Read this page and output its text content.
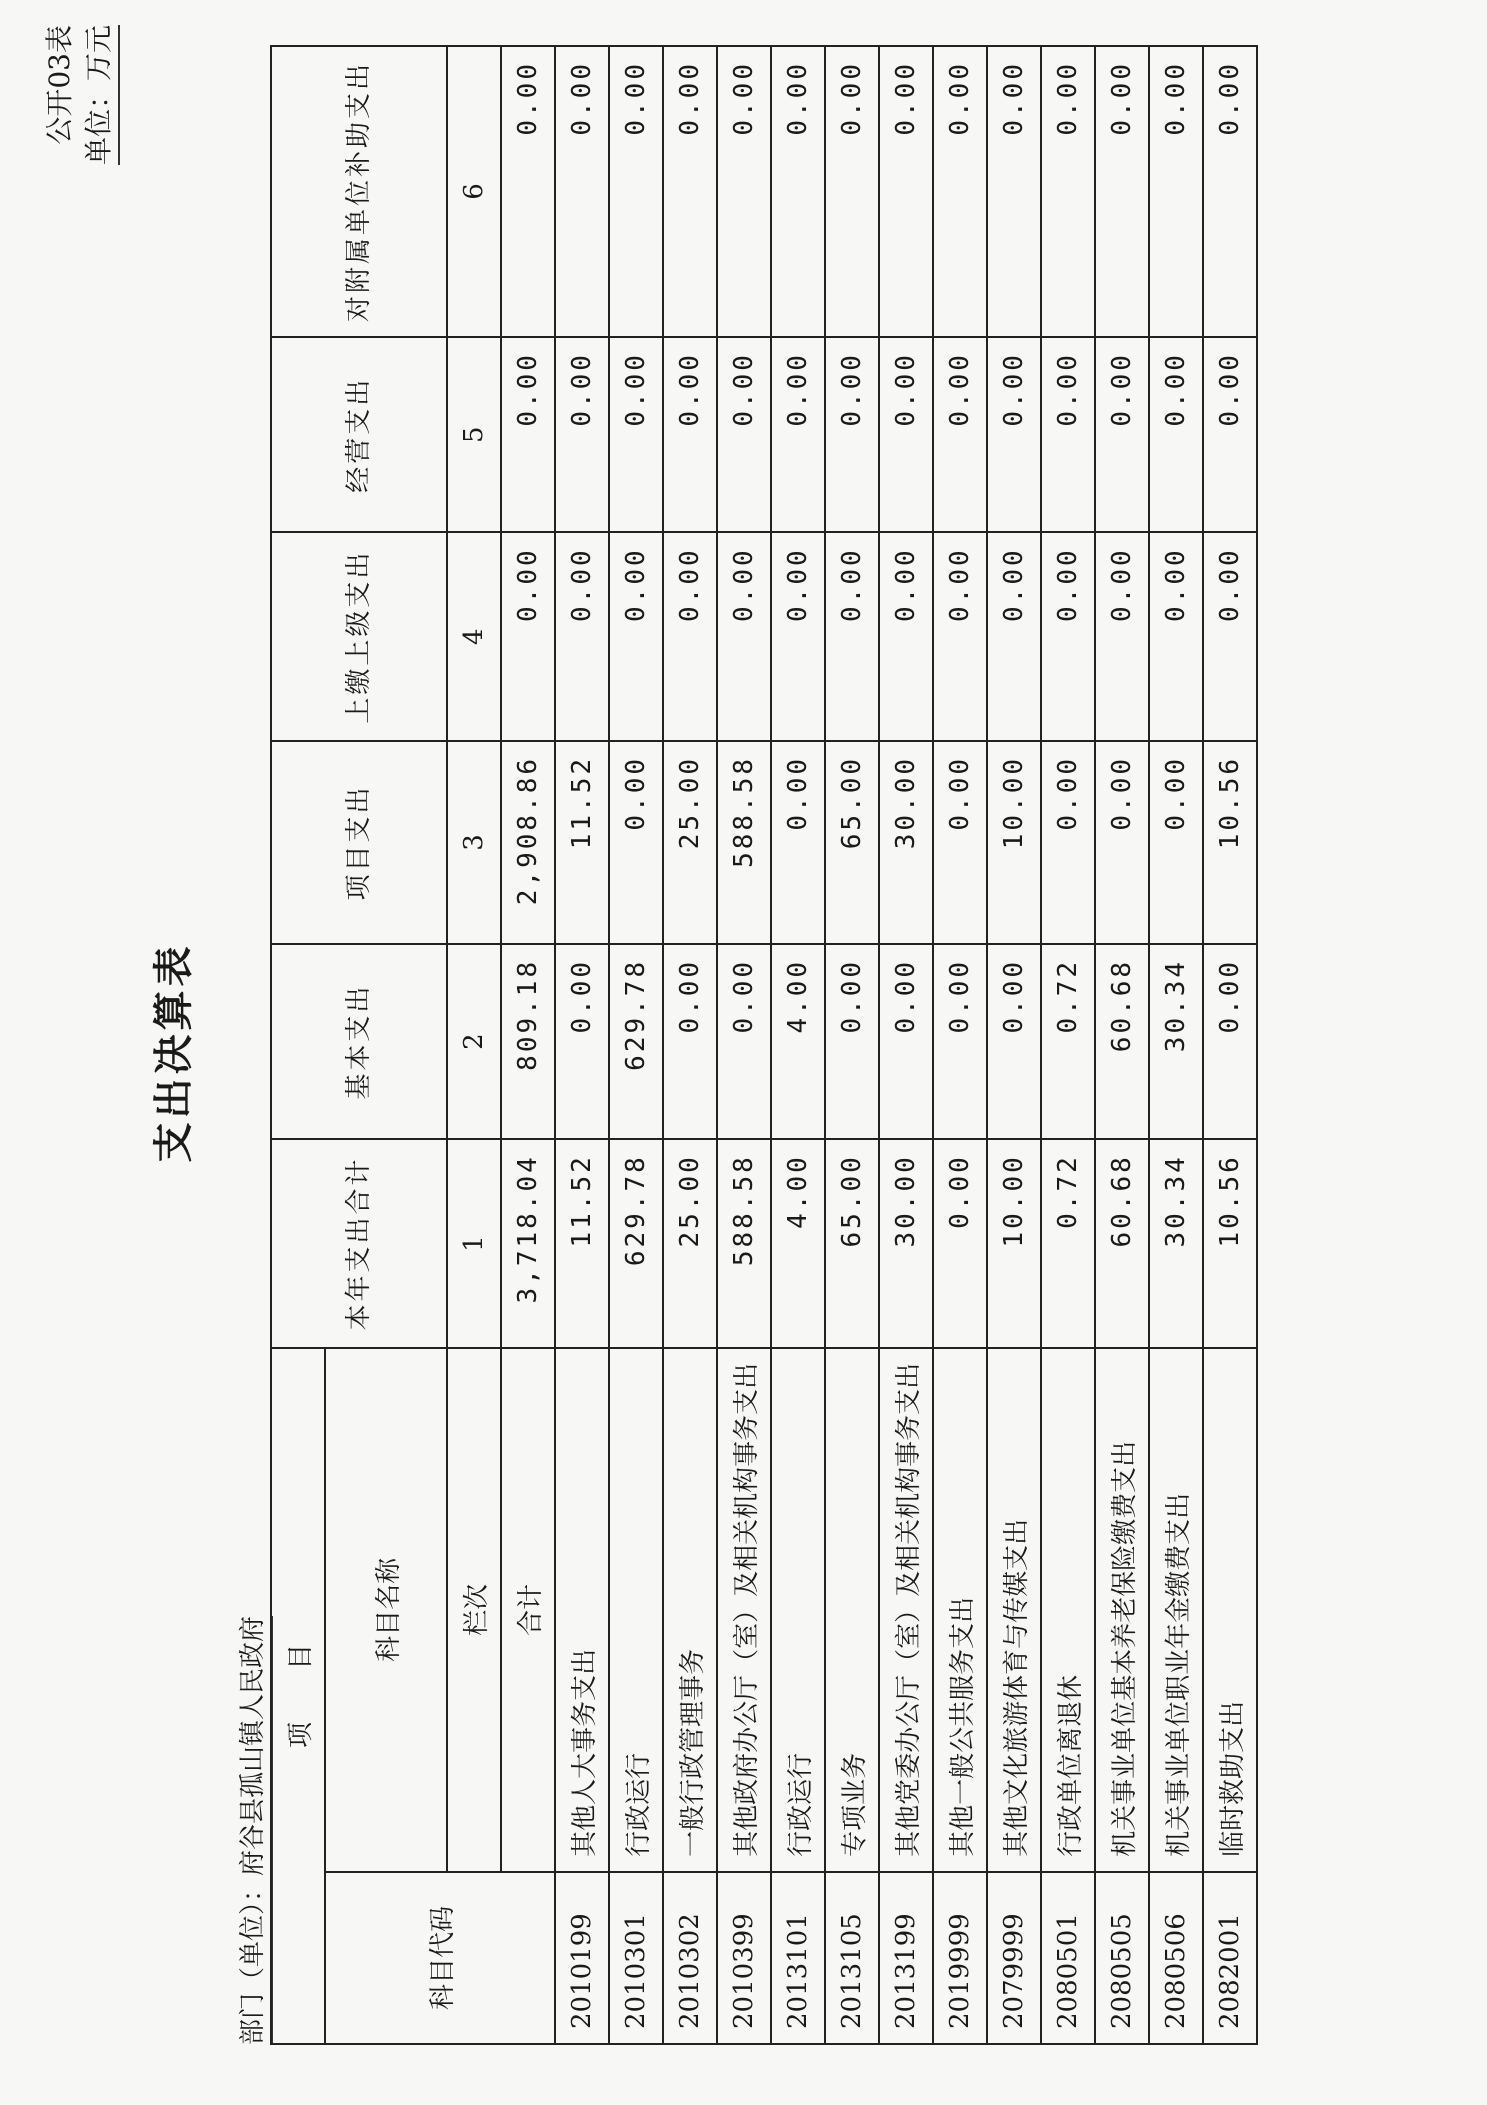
支出决算表
部门（单位）：府谷县孤山镇人民政府
公开03表 单位：万元
项　　目		本年支出合计	基本支出	项目支出	上缴上级支出	经营支出	对附属单位补助支出
科目代码	科目名称						
	栏次	1	2	3	4	5	6
	合计	3,718.04	809.18	2,908.86	0.00	0.00	0.00
2010199	其他人大事务支出	11.52	0.00	11.52	0.00	0.00	0.00
2010301	行政运行	629.78	629.78	0.00	0.00	0.00	0.00
2010302	一般行政管理事务	25.00	0.00	25.00	0.00	0.00	0.00
2010399	其他政府办公厅（室）及相关机构事务支出	588.58	0.00	588.58	0.00	0.00	0.00
2013101	行政运行	4.00	4.00	0.00	0.00	0.00	0.00
2013105	专项业务	65.00	0.00	65.00	0.00	0.00	0.00
2013199	其他党委办公厅（室）及相关机构事务支出	30.00	0.00	30.00	0.00	0.00	0.00
2019999	其他一般公共服务支出	0.00	0.00	0.00	0.00	0.00	0.00
2079999	其他文化旅游体育与传媒支出	10.00	0.00	10.00	0.00	0.00	0.00
2080501	行政单位离退休	0.72	0.72	0.00	0.00	0.00	0.00
2080505	机关事业单位基本养老保险缴费支出	60.68	60.68	0.00	0.00	0.00	0.00
2080506	机关事业单位职业年金缴费支出	30.34	30.34	0.00	0.00	0.00	0.00
2082001	临时救助支出	10.56	0.00	10.56	0.00	0.00	0.00
